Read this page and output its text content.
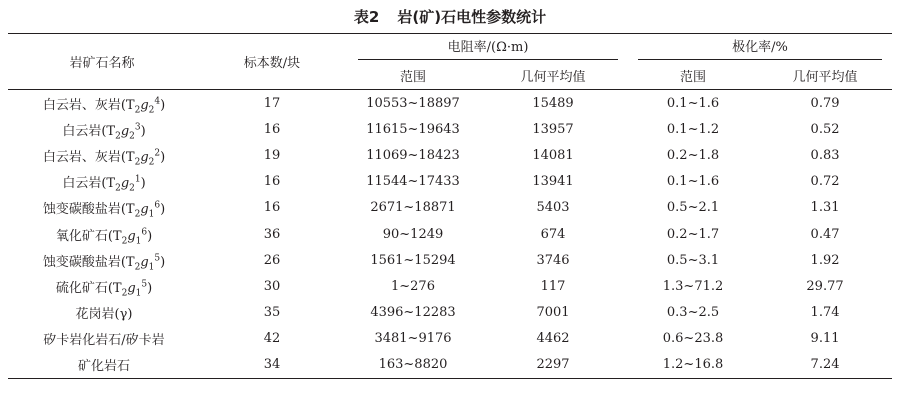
表2 岩(矿)石电性参数统计
岩矿石名称	标本数/块	电阻率/(Ω·m)		极化率/%	

		范围	几何平均值	范围	几何平均值
白云岩、灰岩$(T_2g_2^4)$	17	10553~18897	15489	0.1~1.6	0.79
白云岩$(T_2g_2^3)$	16	11615~19643	13957	0.1~1.2	0.52
白云岩、灰岩$(T_2g_2^2)$	19	11069~18423	14081	0.2~1.8	0.83
白云岩$(T_2g_2^1)$	16	11544~17433	13941	0.1~1.6	0.72
蚀变碳酸盐岩$(T_2g_1^6)$	16	2671~18871	5403	0.5~2.1	1.31
氧化矿石$(T_2g_1^6)$	36	90~1249	674	0.2~1.7	0.47
蚀变碳酸盐岩$(T_2g_1^5)$	26	1561~15294	3746	0.5~3.1	1.92
硫化矿石$(T_2g_1^5)$	30	1~276	117	1.3~71.2	29.77
花岗岩(γ)	35	4396~12283	7001	0.3~2.5	1.74
矽卡岩化岩石/矽卡岩	42	3481~9176	4462	0.6~23.8	9.11
矿化岩石	34	163~8820	2297	1.2~16.8	7.24
